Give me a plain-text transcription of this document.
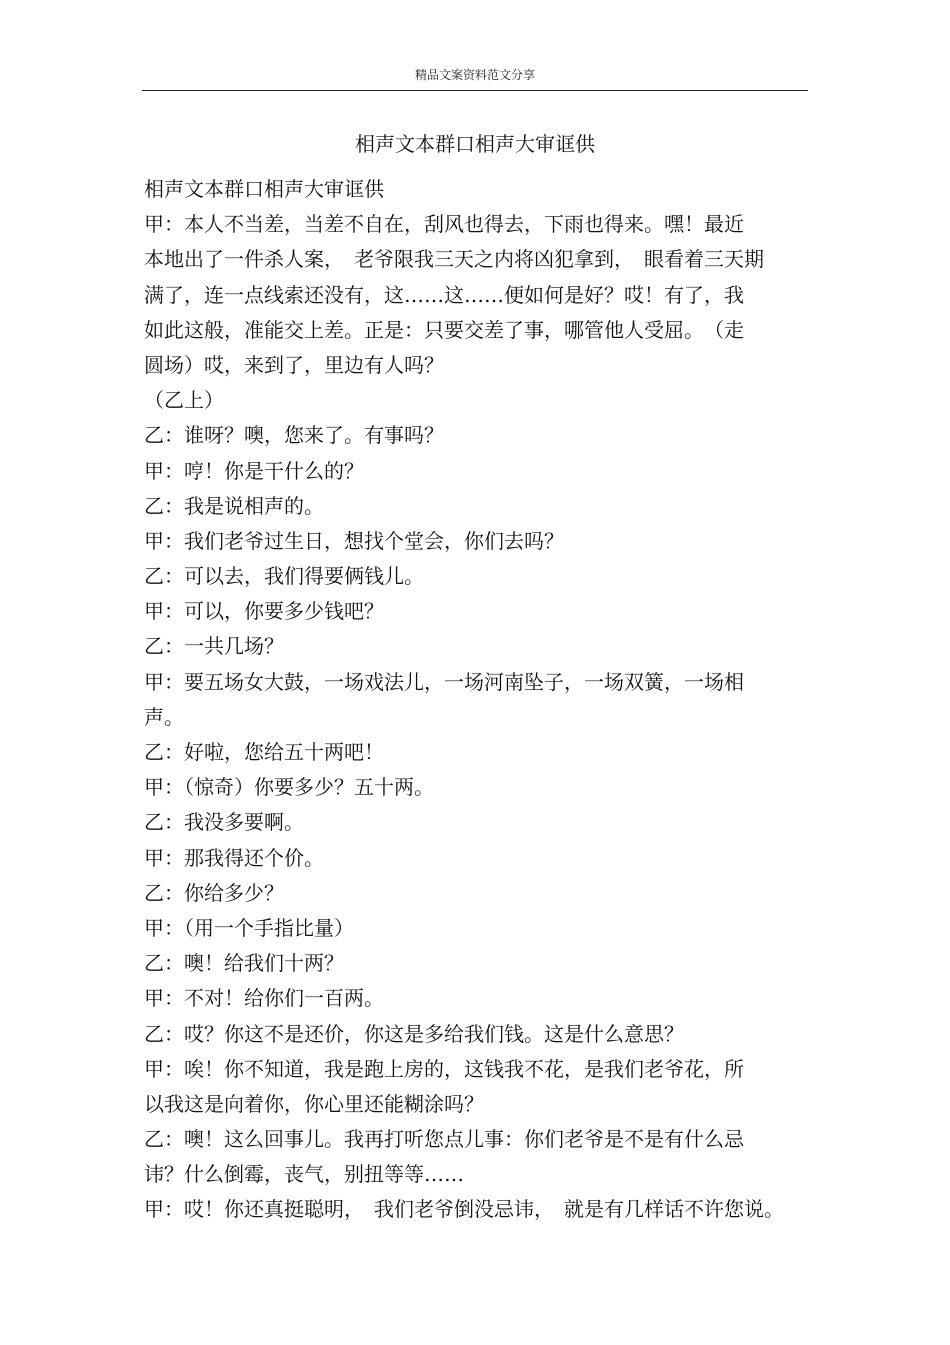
精品文案资料范文分享
相声文本群口相声大审诓供
相声文本群口相声大审诓供
甲：本人不当差，当差不自在，刮风也得去，下雨也得来。嘿！最近
本地出了一件杀人案，　老爷限我三天之内将凶犯拿到，　眼看着三天期
满了，连一点线索还没有，这……这……便如何是好？哎！有了，我
如此这般，准能交上差。正是：只要交差了事，哪管他人受屈。　（走
圆场）哎，来到了，里边有人吗？
（乙上）
乙：谁呀？噢，您来了。有事吗？
甲：哼！你是干什么的？
乙：我是说相声的。
甲：我们老爷过生日，想找个堂会，你们去吗？
乙：可以去，我们得要俩钱儿。
甲：可以，你要多少钱吧？
乙：一共几场？
甲：要五场女大鼓，一场戏法儿，一场河南坠子，一场双簧，一场相
声。
乙：好啦，您给五十两吧！
甲：（惊奇）你要多少？五十两。
乙：我没多要啊。
甲：那我得还个价。
乙：你给多少？
甲：（用一个手指比量）
乙：噢！给我们十两？
甲：不对！给你们一百两。
乙：哎？你这不是还价，你这是多给我们钱。这是什么意思？
甲：唉！你不知道，我是跑上房的，这钱我不花，是我们老爷花，所
以我这是向着你，你心里还能糊涂吗？
乙：噢！这么回事儿。我再打听您点儿事：你们老爷是不是有什么忌
讳？什么倒霉，丧气，别扭等等……
甲：哎！你还真挺聪明，　我们老爷倒没忌讳，　就是有几样话不许您说。
